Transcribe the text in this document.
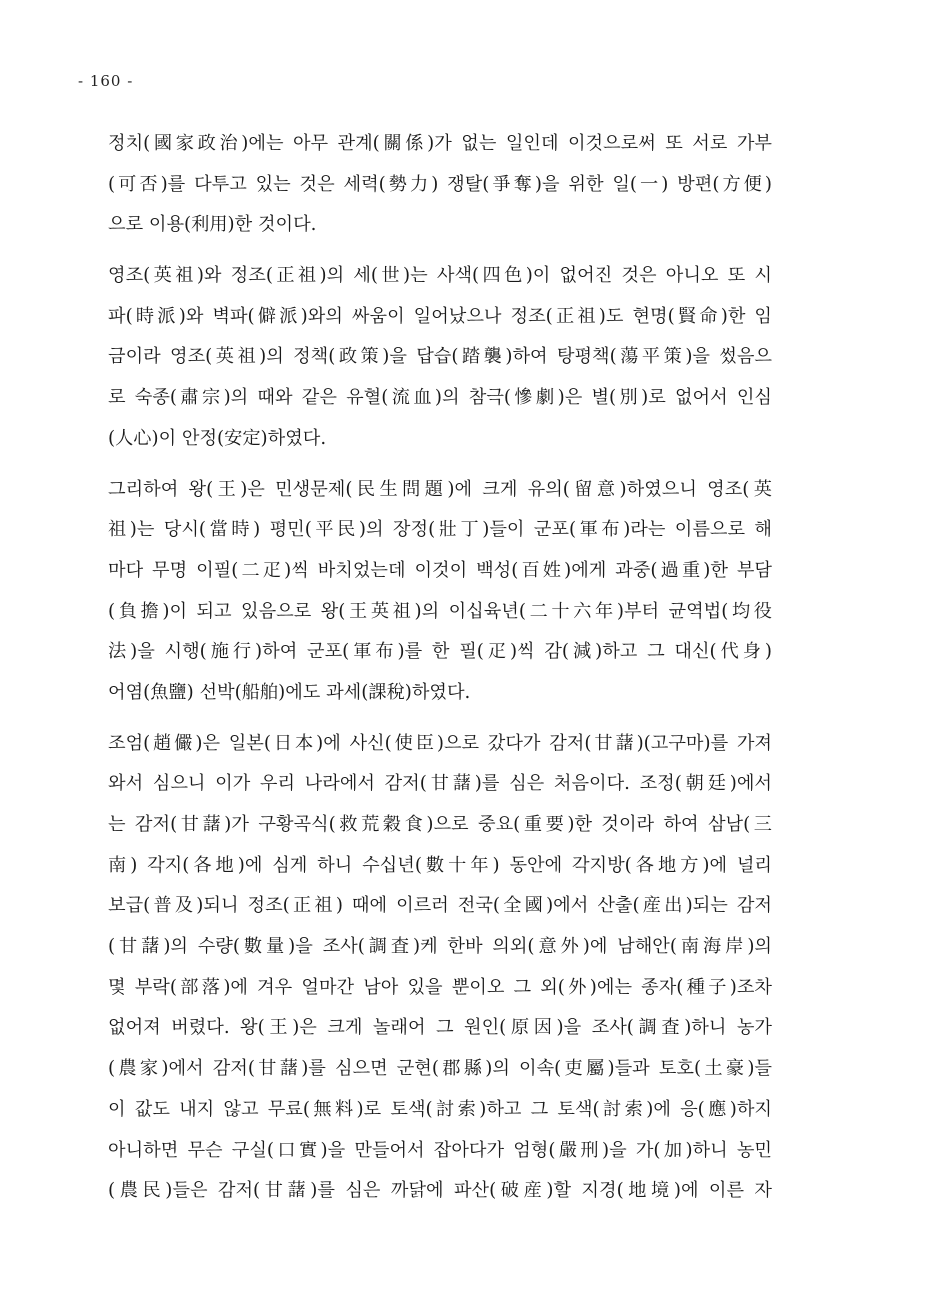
- 160 -
정치(國家政治)에는 아무 관계(關係)가 없는 일인데 이것으로써 또 서로 가부
(可否)를 다투고 있는 것은 세력(勢力) 쟁탈(爭奪)을 위한 일(一) 방편(方便)
으로 이용(利用)한 것이다.
영조(英祖)와 정조(正祖)의 세(世)는 사색(四色)이 없어진 것은 아니오 또 시
파(時派)와 벽파(僻派)와의 싸움이 일어났으나 정조(正祖)도 현명(賢命)한 임
금이라 영조(英祖)의 정책(政策)을 답습(踏襲)하여 탕평책(蕩平策)을 썼음으
로 숙종(肅宗)의 때와 같은 유혈(流血)의 참극(慘劇)은 별(別)로 없어서 인심
(人心)이 안정(安定)하였다.
그리하여 왕(王)은 민생문제(民生問題)에 크게 유의(留意)하였으니 영조(英
祖)는 당시(當時) 평민(平民)의 장정(壯丁)들이 군포(軍布)라는 이름으로 해
마다 무명 이필(二疋)씩 바치었는데 이것이 백성(百姓)에게 과중(過重)한 부담
(負擔)이 되고 있음으로 왕(王英祖)의 이십육년(二十六年)부터 균역법(均役
法)을 시행(施行)하여 군포(軍布)를 한 필(疋)씩 감(減)하고 그 대신(代身)
어염(魚鹽) 선박(船舶)에도 과세(課稅)하였다.
조엄(趙儼)은 일본(日本)에 사신(使臣)으로 갔다가 감저(甘藷)(고구마)를 가져
와서 심으니 이가 우리 나라에서 감저(甘藷)를 심은 처음이다. 조정(朝廷)에서
는 감저(甘藷)가 구황곡식(救荒穀食)으로 중요(重要)한 것이라 하여 삼남(三
南) 각지(各地)에 심게 하니 수십년(數十年) 동안에 각지방(各地方)에 널리
보급(普及)되니 정조(正祖) 때에 이르러 전국(全國)에서 산출(産出)되는 감저
(甘藷)의 수량(數量)을 조사(調査)케 한바 의외(意外)에 남해안(南海岸)의
몇 부락(部落)에 겨우 얼마간 남아 있을 뿐이오 그 외(外)에는 종자(種子)조차
없어져 버렸다. 왕(王)은 크게 놀래어 그 원인(原因)을 조사(調査)하니 농가
(農家)에서 감저(甘藷)를 심으면 군현(郡縣)의 이속(吏屬)들과 토호(土豪)들
이 값도 내지 않고 무료(無料)로 토색(討索)하고 그 토색(討索)에 응(應)하지
아니하면 무슨 구실(口實)을 만들어서 잡아다가 엄형(嚴刑)을 가(加)하니 농민
(農民)들은 감저(甘藷)를 심은 까닭에 파산(破産)할 지경(地境)에 이른 자
